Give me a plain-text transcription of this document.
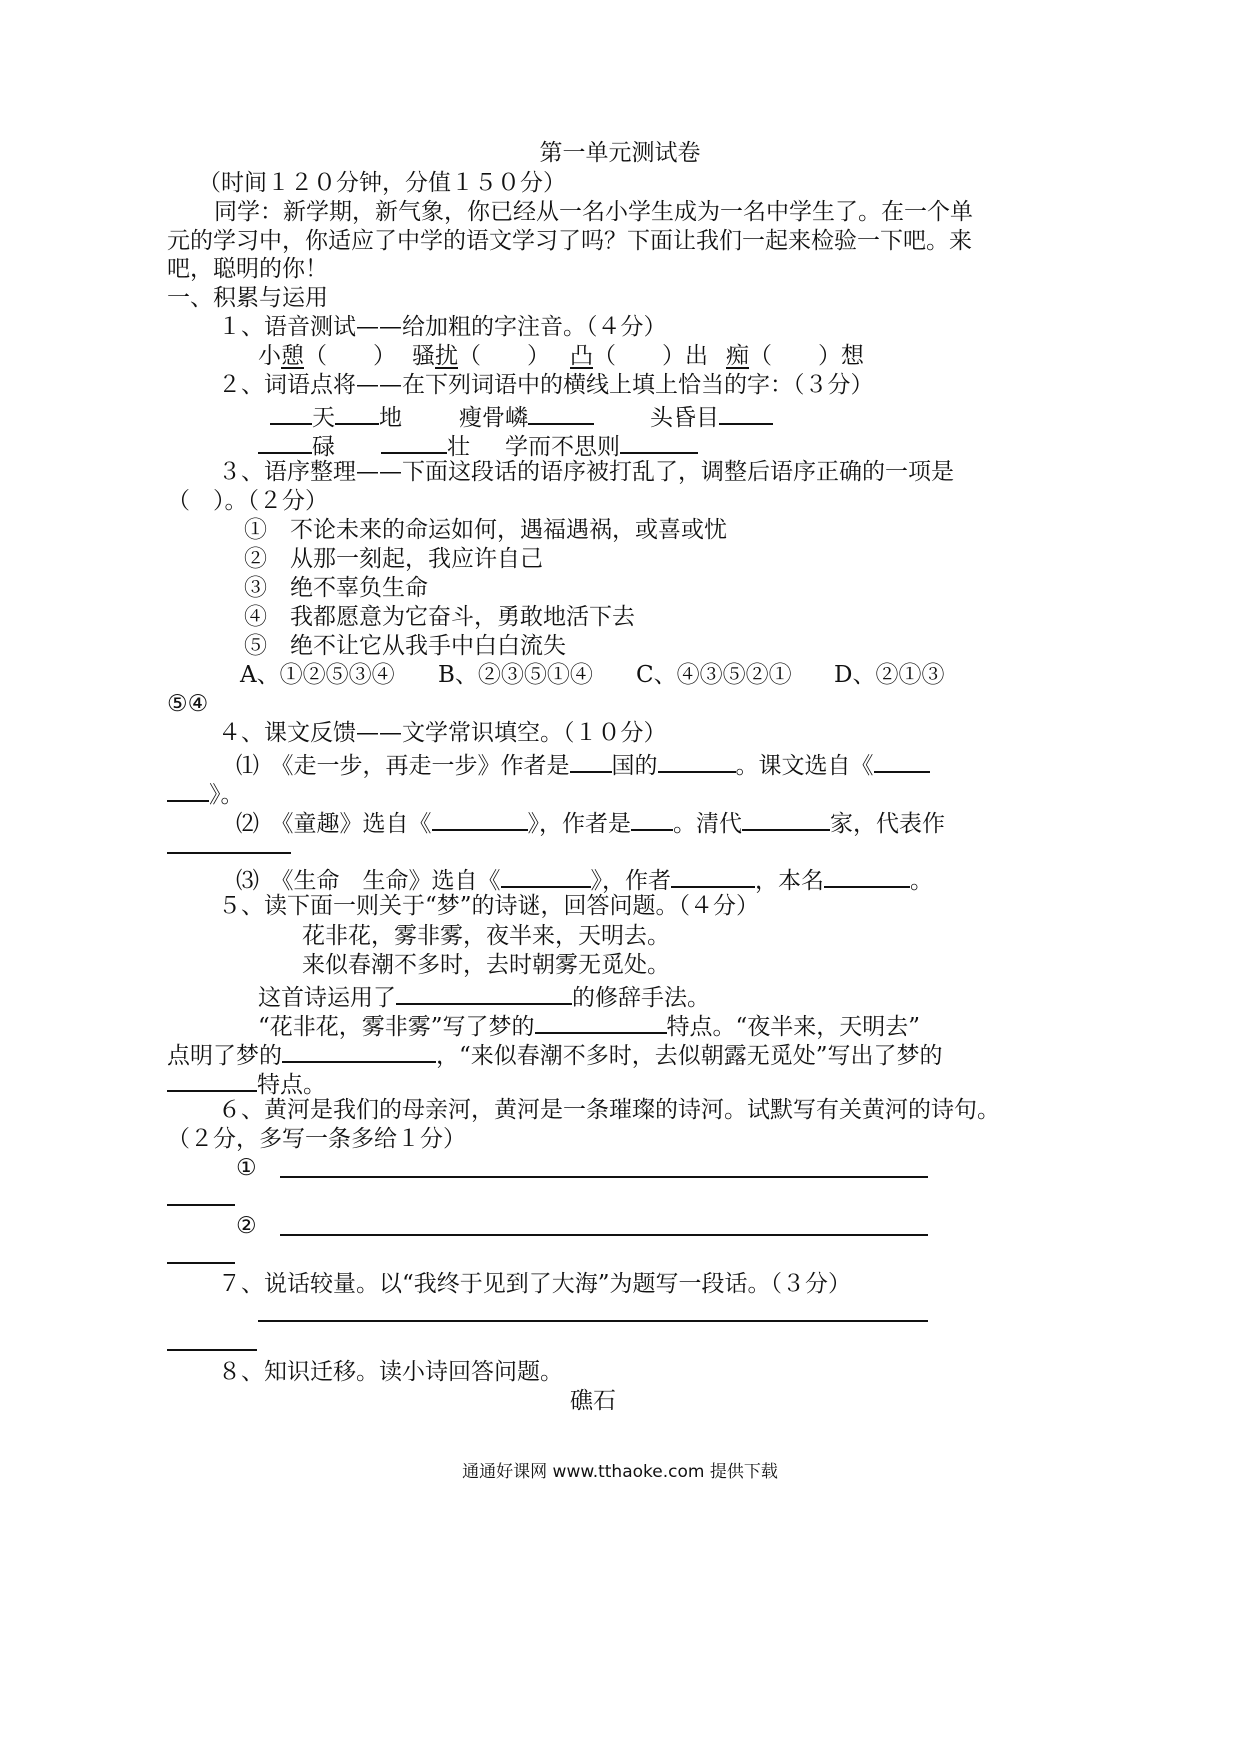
第一单元测试卷
（时间１２０分钟，分值１５０分）
同学：新学期，新气象，你已经从一名小学生成为一名中学生了。在一个单
元的学习中，你适应了中学的语文学习了吗？下面让我们一起来检验一下吧。来
吧，聪明的你！
一、积累与运用
１、语音测试——给加粗的字注音。（４分）
小憩（　　） 骚扰（　　） 凸（　　）出 痴（　　）想
２、词语点将——在下列词语中的横线上填上恰当的字：（３分）
天 地 瘦骨嶙	头昏目
碌	壮 学而不思则
３、语序整理——下面这段话的语序被打乱了，调整后语序正确的一项是
（　）。（２分）
①　不论未来的命运如何，遇福遇祸，或喜或忧
②　从那一刻起，我应许自己
③　绝不辜负生命
④　我都愿意为它奋斗，勇敢地活下去
⑤　绝不让它从我手中白白流失
A、①②⑤③④ B、②③⑤①④ C、④③⑤②① D、②①③
⑤④
４、课文反馈——文学常识填空。（１０分）
⑴　《走一步，再走一步》作者是 国的	。课文选自《
》。
⑵　《童趣》选自《	》，作者是 。清代	家，代表作
⑶　《生命　生命》选自《	》，作者	，本名	。
５、读下面一则关于“梦”的诗谜，回答问题。（４分）
花非花，雾非雾，夜半来，天明去。
来似春潮不多时，去时朝雾无觅处。
这首诗运用了	的修辞手法。
“花非花，雾非雾”写了梦的	特点。“夜半来，天明去”
点明了梦的	，“来似春潮不多时，去似朝露无觅处”写出了梦的
特点。
６、黄河是我们的母亲河，黄河是一条璀璨的诗河。试默写有关黄河的诗句。
（２分，多写一条多给１分）
①
②
７、说话较量。以“我终于见到了大海”为题写一段话。（３分）
８、知识迁移。读小诗回答问题。
礁石
通通好课网 www.tthaoke.com 提供下载
